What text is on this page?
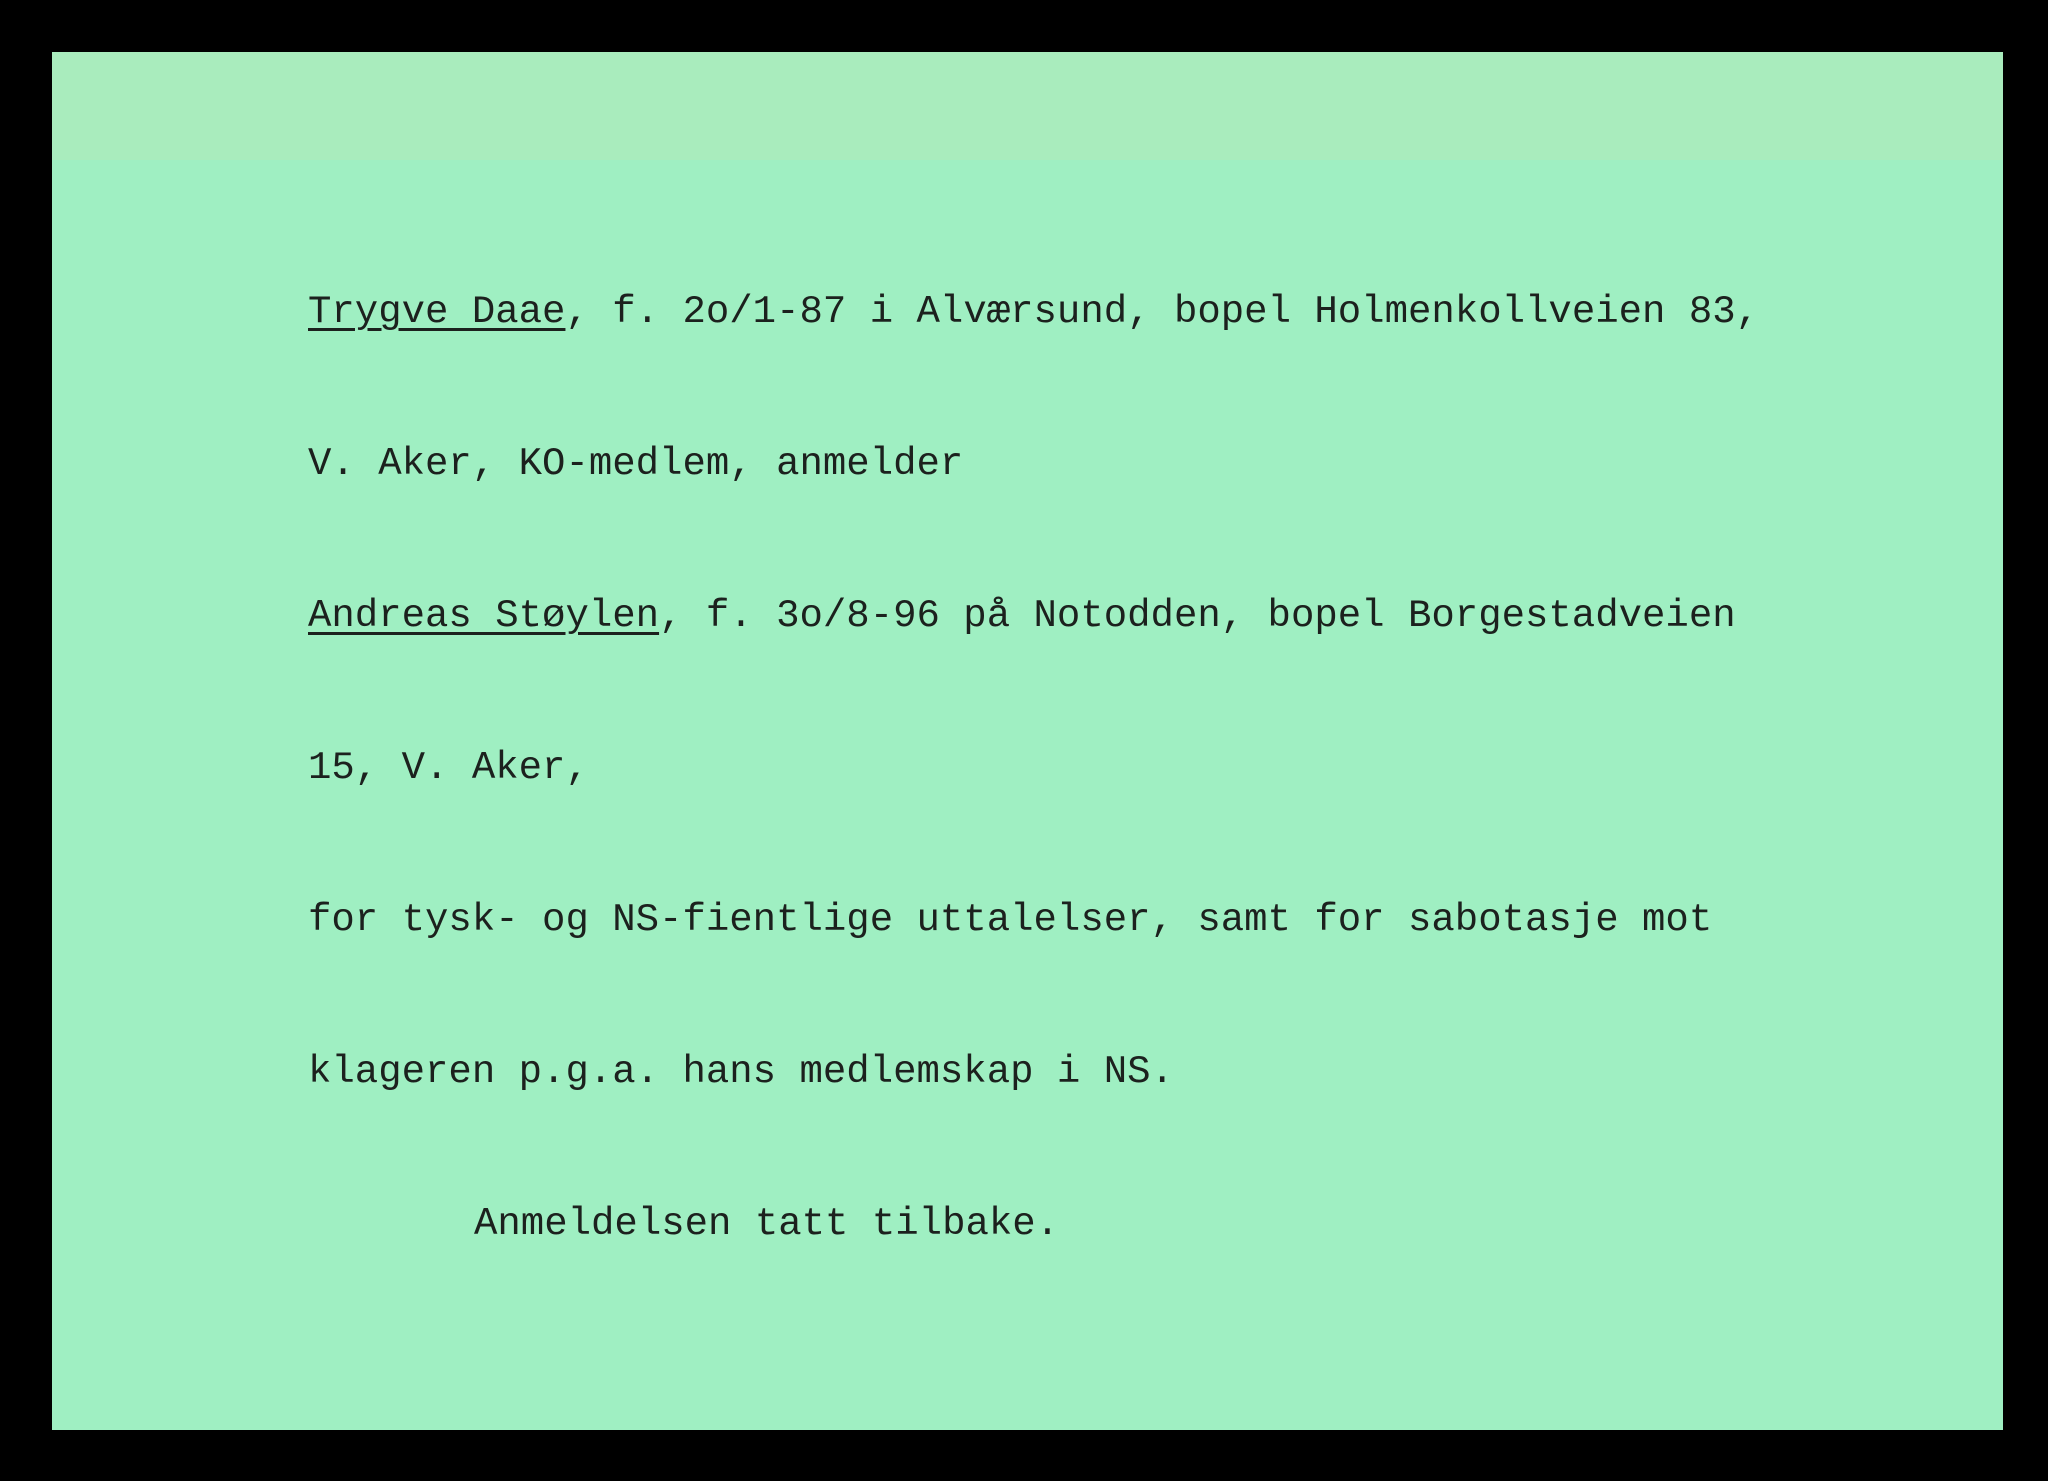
Trygve Daae, f. 2o/1-87 i Alværsund, bopel Holmenkollveien 83,

V. Aker, KO-medlem, anmelder

Andreas Støylen, f. 3o/8-96 på Notodden, bopel Borgestadveien

15, V. Aker,

for tysk- og NS-fientlige uttalelser, samt for sabotasje mot

klageren p.g.a. hans medlemskap i NS.

Anmeldelsen tatt tilbake.
